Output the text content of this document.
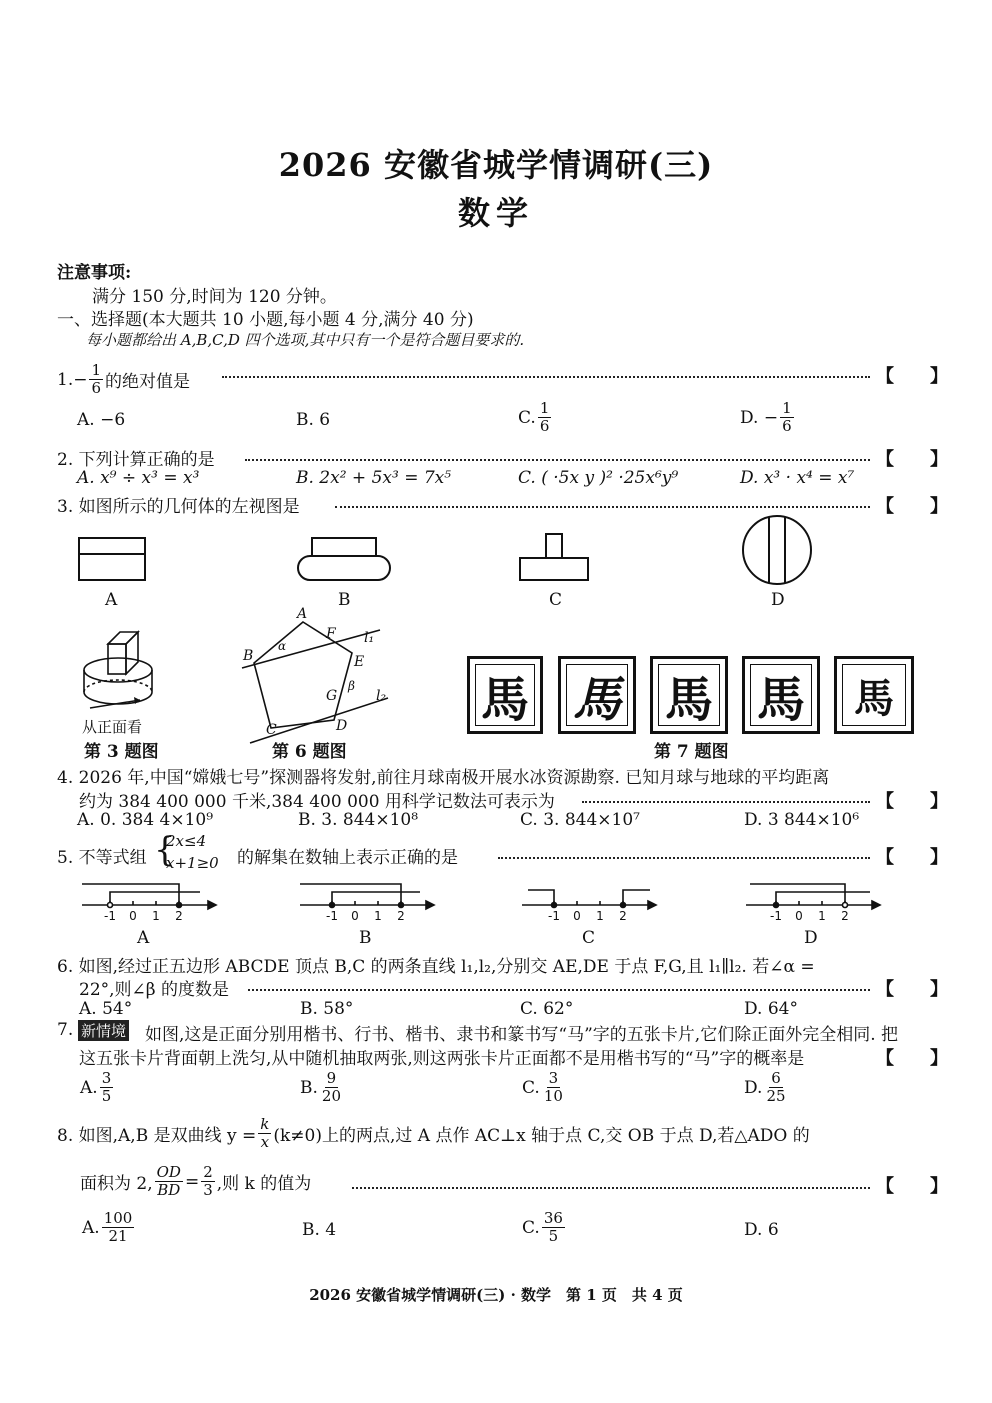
2026 安徽省城学情调研(三)
数学
注意事项:
满分 150 分,时间为 120 分钟。
一、选择题(本大题共 10 小题,每小题 4 分,满分 40 分)
每小题都给出 A,B,C,D 四个选项,其中只有一个是符合题目要求的.
1. − $\frac{1}{6}$ 的绝对值是	【　　】
A. −6	B. 6	C. $\frac{1}{6}$	D. − $\frac{1}{6}$
2. 下列计算正确的是	【　　】
A. x⁹ ÷ x³ = x³	B. 2x² + 5x³ = 7x⁵	C. ( ·5x y )² ·25x⁶y⁹	D. x³ · x⁴ = x⁷
3. 如图所示的几何体的左视图是	【　　】
A	B	C	D
从正面看
第 3 题图
A
B
C	D
E
F
G
α
β
l₁
l₂
第 6 题图
馬 馬 馬 馬	馬
第 7 题图
4. 2026 年,中国“嫦娥七号”探测器将发射,前往月球南极开展水冰资源勘察. 已知月球与地球的平均距离
约为 384 400 000 千米,384 400 000 用科学记数法可表示为	【　　】
A. 0. 384 4×10⁹	B. 3. 844×10⁸	C. 3. 844×10⁷	D. 3 844×10⁶
5. 不等式组 {
2x≤4
x+1≥0 的解集在数轴上表示正确的是	【　　】
-1 0 1 2	-1 0 1 2	-1 0 1 2	-1 0 1 2
A	B	C	D
6. 如图,经过正五边形 ABCDE 顶点 B,C 的两条直线 l₁,l₂,分别交 AE,DE 于点 F,G,且 l₁∥l₂. 若∠α =
22°,则∠β 的度数是	【　　】
A. 54°	B. 58°	C. 62°	D. 64°
7. 新情境 如图,这是正面分别用楷书、行书、楷书、隶书和篆书写“马”字的五张卡片,它们除正面外完全相同. 把
这五张卡片背面朝上洗匀,从中随机抽取两张,则这两张卡片正面都不是用楷书写的“马”字的概率是	【　　】
A. $\frac{3}{5}$	B. $\frac{9}{20}$	C. $\frac{3}{10}$	D. $\frac{6}{25}$
8. 如图,A,B 是双曲线 $y = \frac{k}{x} (k\ne 0)$上的两点,过 A 点作 AC⊥x 轴于点 C,交 OB 于点 D,若△ADO 的
面积为 2, $\frac{OD}{BD} = \frac{2}{3}$ ,则 k 的值为	【　　】
A. $\frac{100}{21}$	B. 4	C. $\frac{36}{5}$	D. 6
2026 安徽省城学情调研(三) · 数学　第 1 页　共 4 页
